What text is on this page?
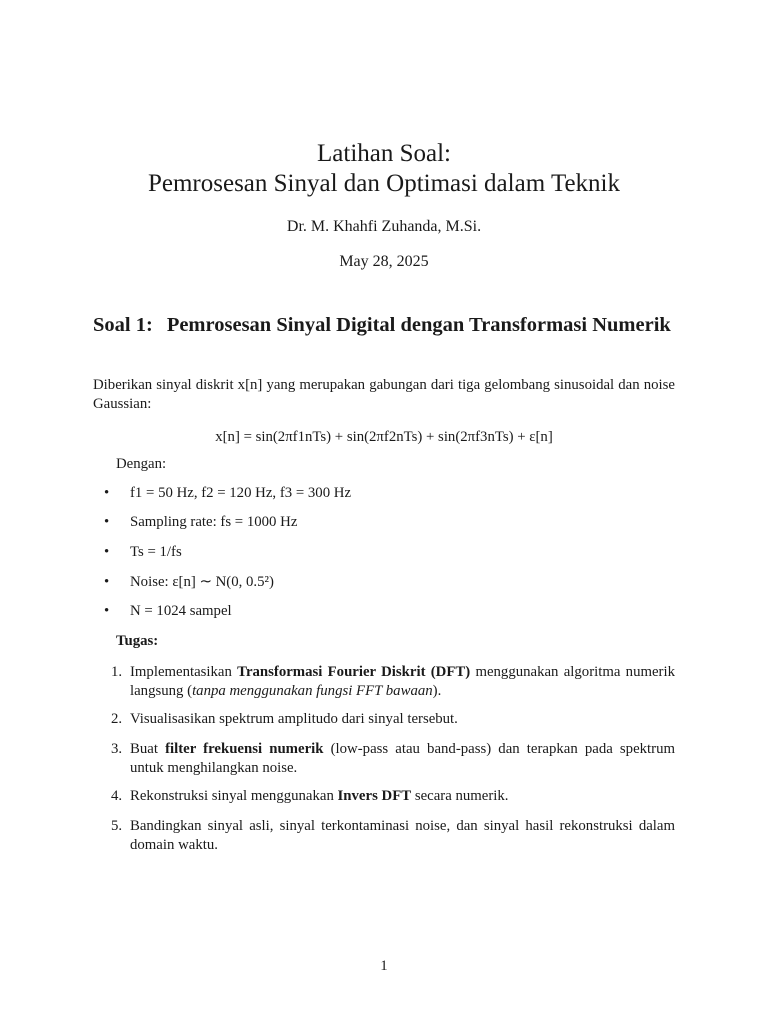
Latihan Soal:
Pemrosesan Sinyal dan Optimasi dalam Teknik
Dr. M. Khahfi Zuhanda, M.Si.
May 28, 2025
Soal 1: Pemrosesan Sinyal Digital dengan Transformasi Numerik
Diberikan sinyal diskrit x[n] yang merupakan gabungan dari tiga gelombang sinusoidal dan noise Gaussian:
x[n] = sin(2πf1nTs) + sin(2πf2nTs) + sin(2πf3nTs) + ε[n]
Dengan:
• f1 = 50 Hz, f2 = 120 Hz, f3 = 300 Hz
• Sampling rate: fs = 1000 Hz
• Ts = 1/fs
• Noise: ε[n] ∼ N(0, 0.5²)
• N = 1024 sampel
Tugas:
1. Implementasikan Transformasi Fourier Diskrit (DFT) menggunakan algoritma numerik langsung (tanpa menggunakan fungsi FFT bawaan).
2. Visualisasikan spektrum amplitudo dari sinyal tersebut.
3. Buat filter frekuensi numerik (low-pass atau band-pass) dan terapkan pada spektrum untuk menghilangkan noise.
4. Rekonstruksi sinyal menggunakan Invers DFT secara numerik.
5. Bandingkan sinyal asli, sinyal terkontaminasi noise, dan sinyal hasil rekonstruksi dalam domain waktu.
1
